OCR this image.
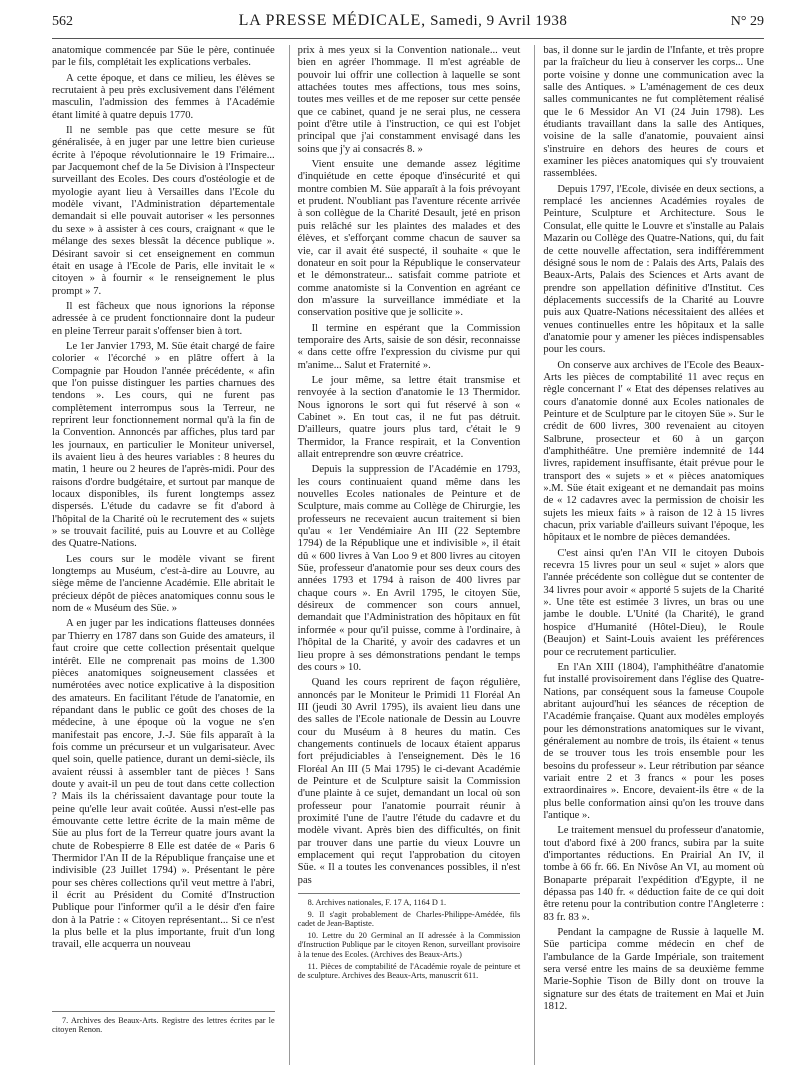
562	LA PRESSE MÉDICALE, Samedi, 9 Avril 1938	N° 29

anatomique commencée par Süe le père, continuée par le fils, complétait les explications verbales.

A cette époque, et dans ce milieu, les élèves se recrutaient à peu près exclusivement dans l'élément masculin, l'admission des femmes à l'Académie étant limité à quatre depuis 1770.

Il ne semble pas que cette mesure se fût généralisée, à en juger par une lettre bien curieuse écrite à l'époque révolutionnaire le 19 Frimaire... par Jacquemont chef de la 5e Division à l'Inspecteur surveillant des Ecoles. Des cours d'ostéologie et de myologie ayant lieu à Versailles dans l'Ecole du modèle vivant, l'Administration départementale demandait si elle pouvait autoriser « les personnes du sexe » à assister à ces cours, craignant « que le mélange des sexes blessât la décence publique ». Désirant savoir si cet enseignement en commun était en usage à l'Ecole de Paris, elle invitait le « citoyen » à fournir « le renseignement le plus prompt » 7.

Il est fâcheux que nous ignorions la réponse adressée à ce prudent fonctionnaire dont la pudeur en pleine Terreur parait s'offenser bien à tort.

Le 1er Janvier 1793, M. Süe était chargé de faire colorier « l'écorché » en plâtre offert à la Compagnie par Houdon l'année précédente, « afin que l'on puisse distinguer les parties charnues des tendons ». Les cours, qui ne furent pas complètement interrompus sous la Terreur, ne reprirent leur fonctionnement normal qu'à la fin de la Convention. Annoncés par affiches, plus tard par les journaux, en particulier le Moniteur universel, ils avaient lieu à des heures variables : 8 heures du matin, 1 heure ou 2 heures de l'après-midi. Pour des raisons d'ordre budgétaire, et surtout par manque de locaux disponibles, ils furent longtemps assez dispersés. L'étude du cadavre se fit d'abord à l'hôpital de la Charité où le recrutement des « sujets » se trouvait facilité, puis au Louvre et au Collège des Quatre-Nations.

Les cours sur le modèle vivant se firent longtemps au Muséum, c'est-à-dire au Louvre, au siège même de l'ancienne Académie. Elle abritait le précieux dépôt de pièces anatomiques connu sous le nom de « Muséum des Süe. »

A en juger par les indications flatteuses données par Thierry en 1787 dans son Guide des amateurs, il faut croire que cette collection présentait quelque intérêt. Elle ne comprenait pas moins de 1.300 pièces anatomiques soigneusement classées et numérotées avec notice explicative à la disposition des amateurs. En facilitant l'étude de l'anatomie, en répandant dans le public ce goût des choses de la médecine, à une époque où la vogue ne s'en manifestait pas encore, J.-J. Süe fils apparaît à la fois comme un précurseur et un vulgarisateur. Avec quel soin, quelle patience, durant un demi-siècle, ils avaient réussi à assembler tant de pièces ! Sans doute y avait-il un peu de tout dans cette collection ? Mais ils la chérissaient davantage pour toute la peine qu'elle leur avait coûtée. Aussi n'est-elle pas émouvante cette lettre écrite de la main même de Süe au plus fort de la Terreur quatre jours avant la chute de Robespierre 8 Elle est datée de « Paris 6 Thermidor l'An II de la République française une et indivisible (23 Juillet 1794) ». Présentant le père pour ses chères collections qu'il veut mettre à l'abri, il écrit au Président du Comité d'Instruction Publique pour l'informer qu'il a le désir d'en faire don à la Patrie : « Citoyen représentant... Si ce n'est la plus belle et la plus importante, fruit d'un long travail, elle acquerra un nouveau

7. Archives des Beaux-Arts. Registre des lettres écrites par le citoyen Renon.

prix à mes yeux si la Convention nationale... veut bien en agréer l'hommage. Il m'est agréable de pouvoir lui offrir une collection à laquelle se sont attachées toutes mes affections, tous mes soins, toutes mes veilles et de me reposer sur cette pensée que ce cabinet, quand je ne serai plus, ne cessera point d'être utile à l'instruction, ce qui est l'objet principal que j'ai constamment envisagé dans les soins que j'y ai consacrés 8. »

Vient ensuite une demande assez légitime d'inquiétude en cette époque d'insécurité et qui montre combien M. Süe apparaît à la fois prévoyant et prudent. N'oubliant pas l'aventure récente arrivée à son collègue de la Charité Desault, jeté en prison puis relâché sur les plaintes des malades et des élèves, et s'efforçant comme chacun de sauver sa vie, car il avait été suspecté, il souhaite « que le donateur en soit pour la République le conservateur et le démonstrateur... satisfait comme patriote et comme anatomiste si la Convention en agréant ce don m'assure la surveillance immédiate et la conservation positive que je sollicite ».

Il termine en espérant que la Commission temporaire des Arts, saisie de son désir, reconnaisse « dans cette offre l'expression du civisme pur qui m'anime... Salut et Fraternité ».

Le jour même, sa lettre était transmise et renvoyée à la section d'anatomie le 13 Thermidor. Nous ignorons le sort qui fut réservé à son « Cabinet ». En tout cas, il ne fut pas détruit. D'ailleurs, quatre jours plus tard, c'était le 9 Thermidor, la France respirait, et la Convention allait entreprendre son œuvre créatrice.

Depuis la suppression de l'Académie en 1793, les cours continuaient quand même dans les nouvelles Ecoles nationales de Peinture et de Sculpture, mais comme au Collège de Chirurgie, les professeurs ne recevaient aucun traitement si bien qu'au « 1er Vendémiaire An III (22 Septembre 1794) de la République une et indivisible », il était dû « 600 livres à Van Loo 9 et 800 livres au citoyen Süe, professeur d'anatomie pour ses deux cours des années 1793 et 1794 à raison de 400 livres par chaque cours ». En Avril 1795, le citoyen Süe, désireux de commencer son cours annuel, demandait que l'Administration des hôpitaux en fût informée « pour qu'il puisse, comme à l'ordinaire, à l'hôpital de la Charité, y avoir des cadavres et un lieu propre à ses démonstrations pendant le temps des cours » 10.

Quand les cours reprirent de façon régulière, annoncés par le Moniteur le Primidi 11 Floréal An III (jeudi 30 Avril 1795), ils avaient lieu dans une des salles de l'Ecole nationale de Dessin au Louvre cour du Muséum à 8 heures du matin. Ces changements continuels de locaux étaient apparus fort préjudiciables à l'enseignement. Dès le 16 Floréal An III (5 Mai 1795) le ci-devant Académie de Peinture et de Sculpture saisit la Commission d'une plainte à ce sujet, demandant un local où son professeur pour l'anatomie pourrait réunir à proximité l'une de l'autre l'étude du cadavre et du modèle vivant. Après bien des difficultés, on finit par trouver dans une partie du vieux Louvre un emplacement qui reçut l'approbation du citoyen Süe. « Il a toutes les convenances possibles, il n'est pas

8. Archives nationales, F. 17 A, 1164 D 1.

9. Il s'agit probablement de Charles-Philippe-Amédée, fils cadet de Jean-Baptiste.

10. Lettre du 20 Germinal an II adressée à la Commission d'Instruction Publique par le citoyen Renon, surveillant provisoire à la tenue des Ecoles. (Archives des Beaux-Arts.)

11. Pièces de comptabilité de l'Académie royale de peinture et de sculpture. Archives des Beaux-Arts, manuscrit 611.

bas, il donne sur le jardin de l'Infante, et très propre par la fraîcheur du lieu à conserver les corps... Une porte voisine y donne une communication avec la salle des Antiques. » L'aménagement de ces deux salles communicantes ne fut complètement réalisé que le 6 Messidor An VI (24 Juin 1798). Les étudiants travaillant dans la salle des Antiques, voisine de la salle d'anatomie, pouvaient ainsi s'instruire en dehors des heures de cours et examiner les pièces anatomiques qui s'y trouvaient rassemblées.

Depuis 1797, l'Ecole, divisée en deux sections, a remplacé les anciennes Académies royales de Peinture, Sculpture et Architecture. Sous le Consulat, elle quitte le Louvre et s'installe au Palais Mazarin ou Collège des Quatre-Nations, qui, du fait de cette nouvelle affectation, sera indifféremment désigné sous le nom de : Palais des Arts, Palais des Beaux-Arts, Palais des Sciences et Arts avant de prendre son appellation définitive d'Institut. Ces déplacements successifs de la Charité au Louvre puis aux Quatre-Nations nécessitaient des allées et venues continuelles entre les hôpitaux et la salle d'anatomie pour y amener les pièces indispensables pour les cours.

On conserve aux archives de l'Ecole des Beaux-Arts les pièces de comptabilité 11 avec reçus en règle concernant l' « Etat des dépenses relatives au cours d'anatomie donné aux Ecoles nationales de Peinture et de Sculpture par le citoyen Süe ». Sur le crédit de 600 livres, 300 revenaient au citoyen Salbrune, prosecteur et 60 à un garçon d'amphithéâtre. Une première indemnité de 144 livres, rapidement insuffisante, était prévue pour le transport des « sujets » et « pièces anatomiques ».M. Süe était exigeant et ne demandait pas moins de « 12 cadavres avec la permission de choisir les sujets les mieux faits » à raison de 12 à 15 livres chacun, prix variable d'ailleurs suivant l'époque, les hôpitaux et le nombre de pièces demandées.

C'est ainsi qu'en l'An VII le citoyen Dubois recevra 15 livres pour un seul « sujet » alors que l'année précédente son collègue dut se contenter de 34 livres pour avoir « apporté 5 sujets de la Charité ». Une tête est estimée 3 livres, un bras ou une jambe le double. L'Unité (la Charité), le grand hospice d'Humanité (Hôtel-Dieu), le Roule (Beaujon) et Saint-Louis avaient les préférences pour ce recrutement particulier.

En l'An XIII (1804), l'amphithéâtre d'anatomie fut installé provisoirement dans l'église des Quatre-Nations, par conséquent sous la fameuse Coupole abritant aujourd'hui les séances de réception de l'Académie française. Quant aux modèles employés pour les démonstrations anatomiques sur le vivant, généralement au nombre de trois, ils étaient « tenus de se trouver tous les trois ensemble pour les besoins du professeur ». Leur rétribution par séance variait entre 2 et 3 francs « pour les poses extraordinaires ». Encore, devaient-ils être « de la plus belle conformation ainsi qu'on les trouve dans l'antique ».

Le traitement mensuel du professeur d'anatomie, tout d'abord fixé à 200 francs, subira par la suite d'importantes réductions. En Prairial An IV, il tombe à 66 fr. 66. En Nivôse An VI, au moment où Bonaparte préparait l'expédition d'Egypte, il ne dépassa pas 140 fr. « déduction faite de ce qui doit être retenu pour la contribution contre l'Angleterre : 83 fr. 83 ».

Pendant la campagne de Russie à laquelle M. Süe participa comme médecin en chef de l'ambulance de la Garde Impériale, son traitement sera versé entre les mains de sa deuxième femme Marie-Sophie Tison de Billy dont on trouve la signature sur des états de traitement en Mai et Juin 1812.
